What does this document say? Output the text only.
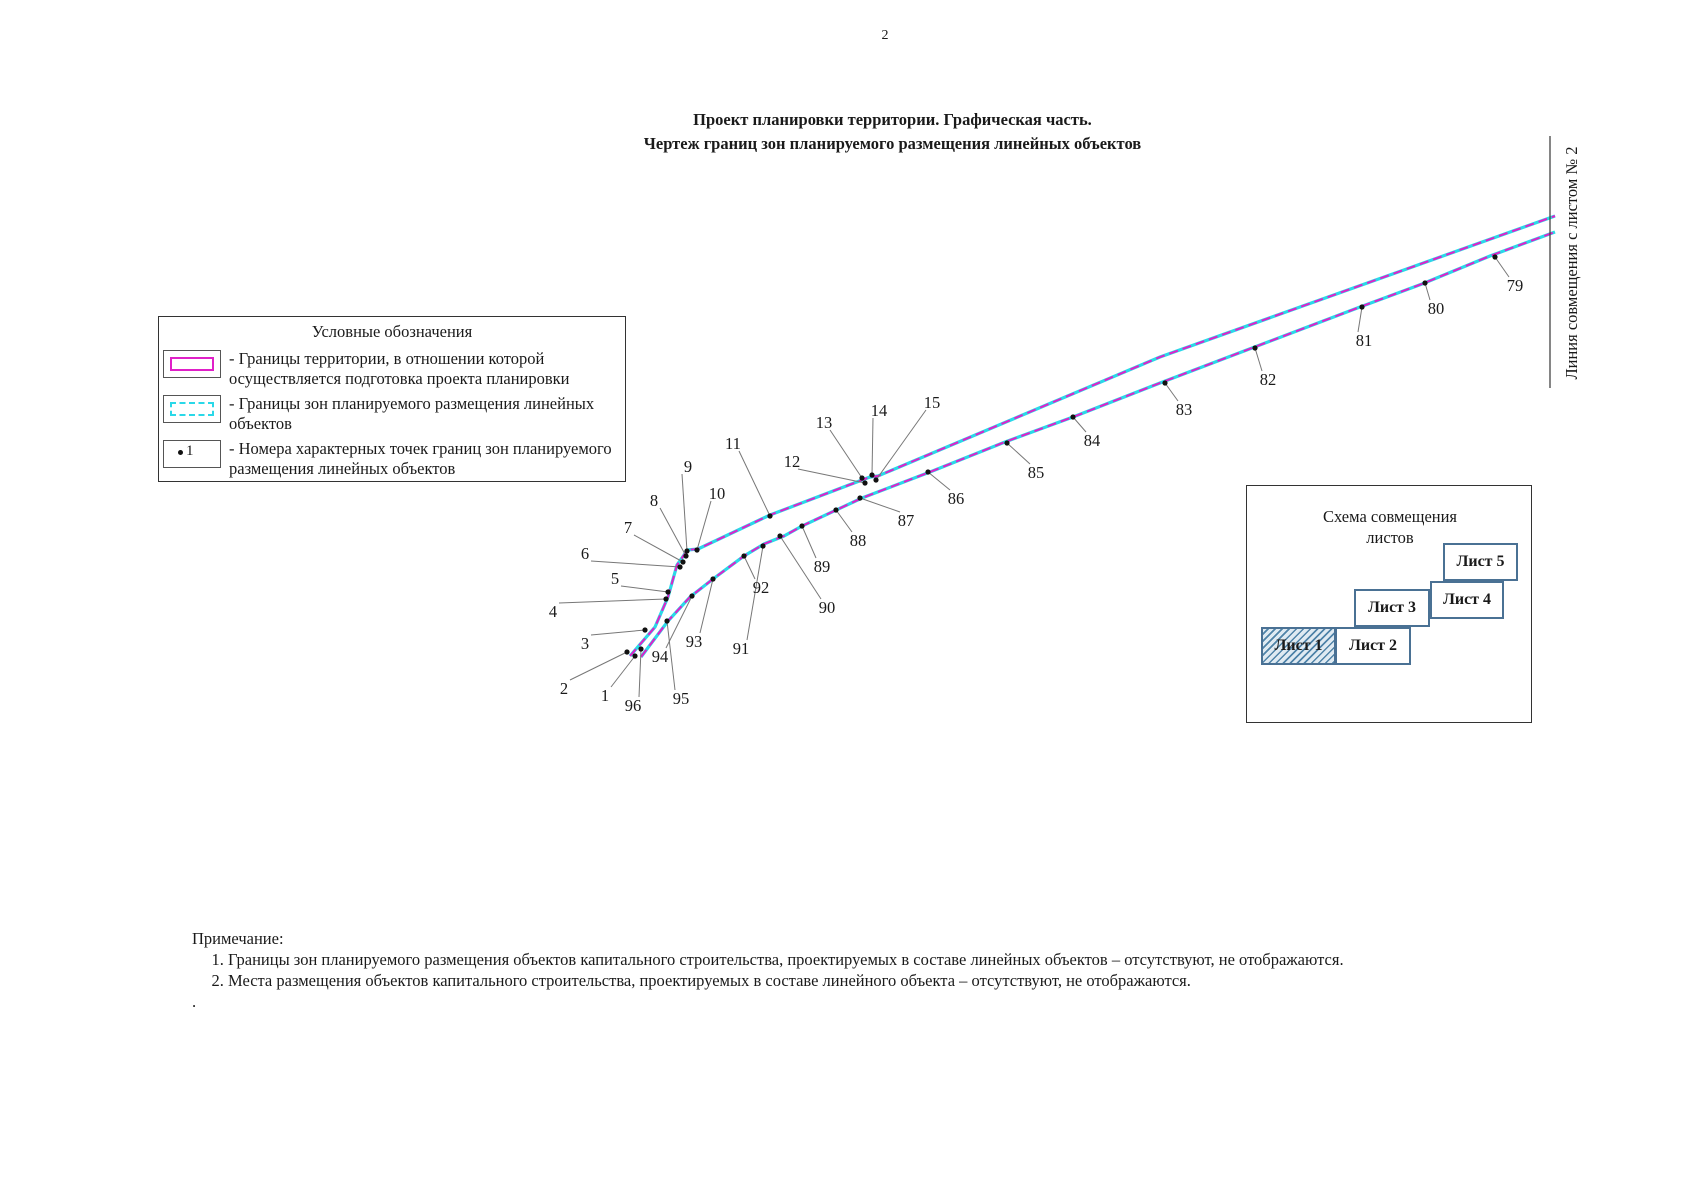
2
Проект планировки территории. Графическая часть.
Чертеж границ зон планируемого размещения линейных объектов
1
2
3
4
5
6
7
8
9
10
11
12
13
14 15
79
80
81
82
83
84
85
86
87
88
89
90
91
92
93
94
95
96
Условные обозначения
- Границы территории, в отношении которой осуществляется подготовка проекта планировки
- Границы зон планируемого размещения линейных объектов
1 - Номера характерных точек границ зон планируемого размещения линейных объектов
Линия совмещения с листом № 2
Схема совмещения
листов
Лист 1	Лист 2
Лист 3	Лист 4
Лист 5
Примечание:
1. Границы зон планируемого размещения объектов капитального строительства, проектируемых в составе линейных объектов – отсутствуют, не отображаются.
2. Места размещения объектов капитального строительства, проектируемых в составе линейного объекта – отсутствуют, не отображаются.
.
